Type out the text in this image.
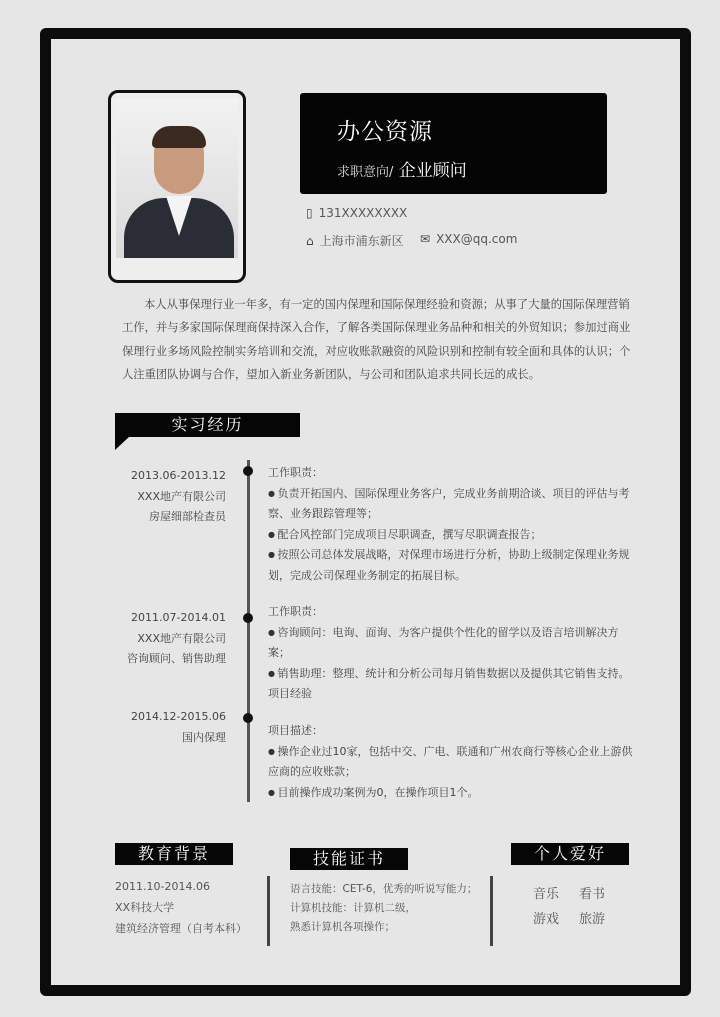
办公资源
求职意向/ 企业顾问
▯ 131XXXXXXXX
⌂ 上海市浦东新区 ✉ XXX@qq.com
本人从事保理行业一年多，有一定的国内保理和国际保理经验和资源；从事了大量的国际保理营销工作，并与多家国际保理商保持深入合作，了解各类国际保理业务品种和相关的外贸知识；参加过商业保理行业多场风险控制实务培训和交流，对应收账款融资的风险识别和控制有较全面和具体的认识；个人注重团队协调与合作，望加入新业务新团队，与公司和团队追求共同长远的成长。
实习经历
2013.06-2013.12
XXX地产有限公司
房屋细部检查员
工作职责：
● 负责开拓国内、国际保理业务客户，完成业务前期洽谈、项目的评估与考察、业务跟踪管理等；
● 配合风控部门完成项目尽职调查，撰写尽职调查报告；
● 按照公司总体发展战略，对保理市场进行分析，协助上级制定保理业务规划，完成公司保理业务制定的拓展目标。
2011.07-2014.01
XXX地产有限公司
咨询顾问、销售助理
工作职责：
● 咨询顾问：电询、面询、为客户提供个性化的留学以及语言培训解决方案；
● 销售助理：整理、统计和分析公司每月销售数据以及提供其它销售支持。
项目经验
2014.12-2015.06
国内保理	项目描述：
● 操作企业过10家，包括中交、广电、联通和广州农商行等核心企业上游供应商的应收账款；
● 目前操作成功案例为0，在操作项目1个。
教育背景
2011.10-2014.06
XX科技大学
建筑经济管理（自考本科）
技能证书
语言技能：CET-6，优秀的听说写能力；
计算机技能：计算机二级，
熟悉计算机各项操作；
个人爱好
音乐	看书
游戏	旅游
